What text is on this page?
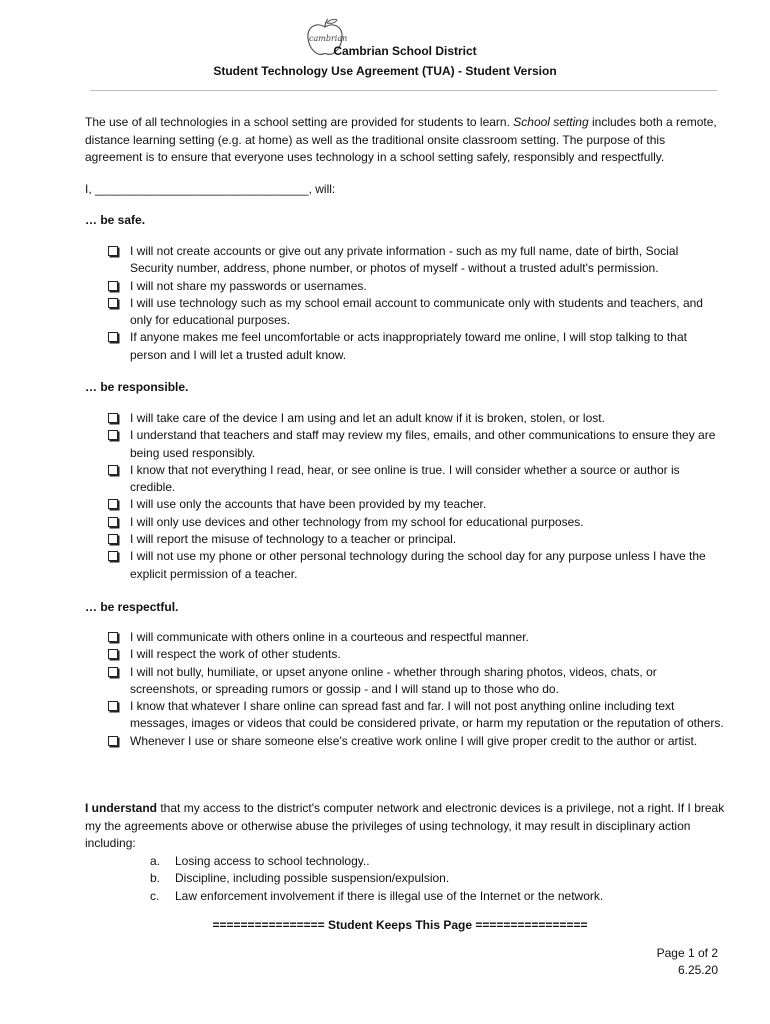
cambrian
Cambrian School District
Student Technology Use Agreement (TUA) - Student Version
The use of all technologies in a school setting are provided for students to learn. School setting includes both a remote, distance learning setting (e.g. at home) as well as the traditional onsite classroom setting. The purpose of this agreement is to ensure that everyone uses technology in a school setting safely, responsibly and respectfully.
I, ________________________________, will:
… be safe.
I will not create accounts or give out any private information - such as my full name, date of birth, Social Security number, address, phone number, or photos of myself - without a trusted adult's permission.
I will not share my passwords or usernames.
I will use technology such as my school email account to communicate only with students and teachers, and only for educational purposes.
If anyone makes me feel uncomfortable or acts inappropriately toward me online, I will stop talking to that person and I will let a trusted adult know.
… be responsible.
I will take care of the device I am using and let an adult know if it is broken, stolen, or lost.
I understand that teachers and staff may review my files, emails, and other communications to ensure they are being used responsibly.
I know that not everything I read, hear, or see online is true. I will consider whether a source or author is credible.
I will use only the accounts that have been provided by my teacher.
I will only use devices and other technology from my school for educational purposes.
I will report the misuse of technology to a teacher or principal.
I will not use my phone or other personal technology during the school day for any purpose unless I have the explicit permission of a teacher.
… be respectful.
I will communicate with others online in a courteous and respectful manner.
I will respect the work of other students.
I will not bully, humiliate, or upset anyone online - whether through sharing photos, videos, chats, or screenshots, or spreading rumors or gossip - and I will stand up to those who do.
I know that whatever I share online can spread fast and far. I will not post anything online including text messages, images or videos that could be considered private, or harm my reputation or the reputation of others.
Whenever I use or share someone else's creative work online I will give proper credit to the author or artist.
I understand that my access to the district's computer network and electronic devices is a privilege, not a right. If I break my the agreements above or otherwise abuse the privileges of using technology, it may result in disciplinary action including:
a. Losing access to school technology..
b. Discipline, including possible suspension/expulsion.
c. Law enforcement involvement if there is illegal use of the Internet or the network.
================ Student Keeps This Page ================
Page 1 of 2
6.25.20
